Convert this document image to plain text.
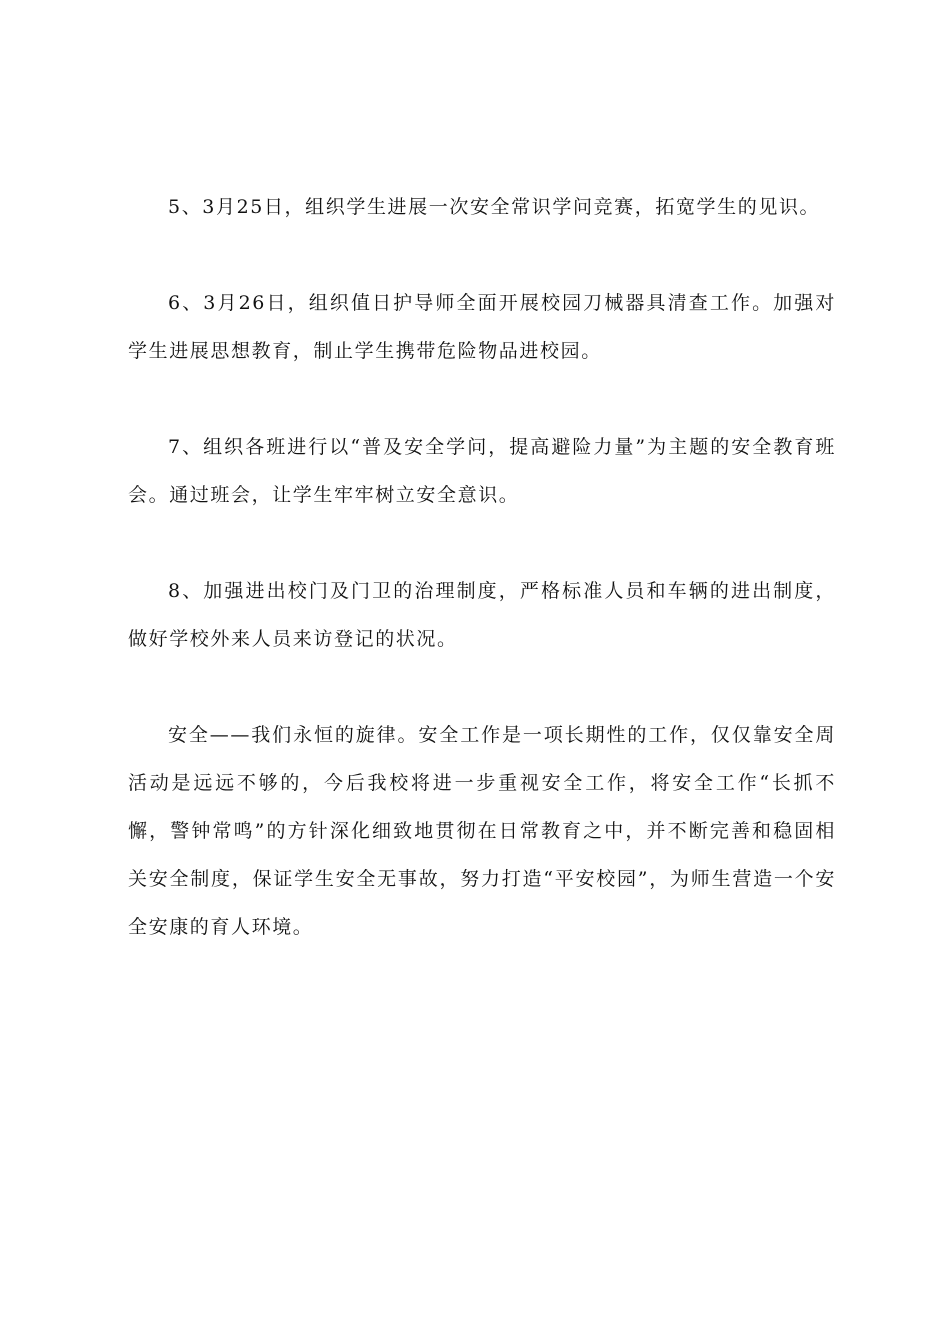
5、3月25日，组织学生进展一次安全常识学问竞赛，拓宽学生的见识。

6、3月26日，组织值日护导师全面开展校园刀械器具清查工作。加强对学生进展思想教育，制止学生携带危险物品进校园。

7、组织各班进行以“普及安全学问，提高避险力量”为主题的安全教育班会。通过班会，让学生牢牢树立安全意识。

8、加强进出校门及门卫的治理制度，严格标准人员和车辆的进出制度，做好学校外来人员来访登记的状况。

安全——我们永恒的旋律。安全工作是一项长期性的工作，仅仅靠安全周活动是远远不够的，今后我校将进一步重视安全工作，将安全工作“长抓不懈，警钟常鸣”的方针深化细致地贯彻在日常教育之中，并不断完善和稳固相关安全制度，保证学生安全无事故，努力打造“平安校园”，为师生营造一个安全安康的育人环境。
